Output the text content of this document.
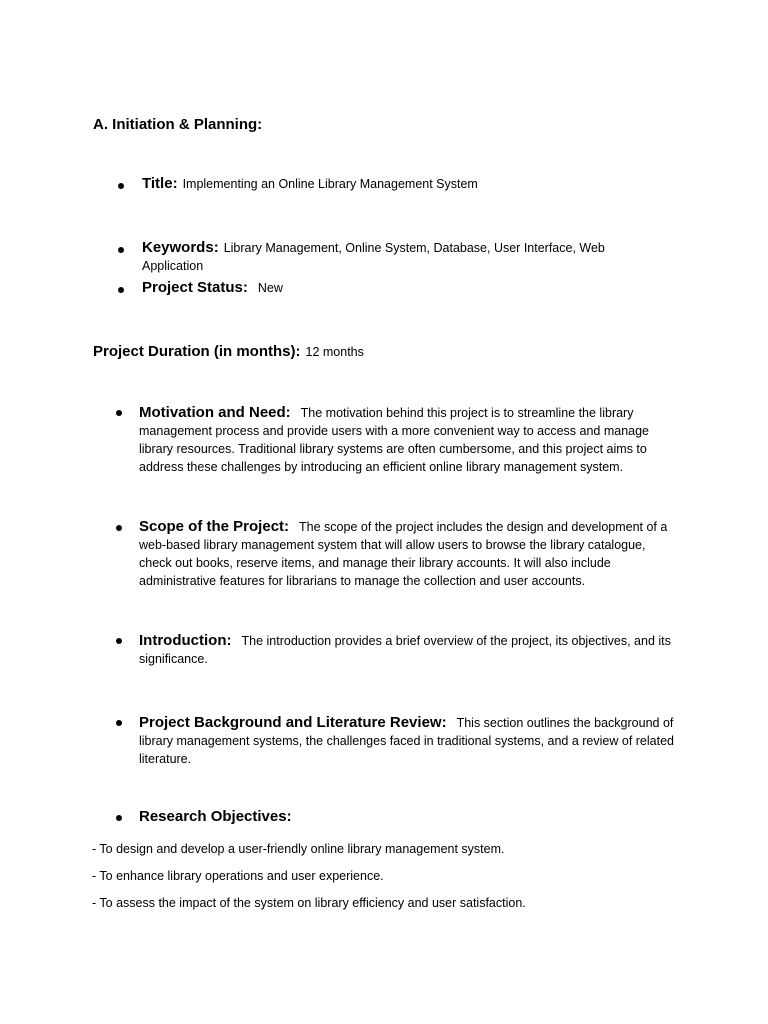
A. Initiation & Planning:
Title: Implementing an Online Library Management System
Keywords: Library Management, Online System, Database, User Interface, Web Application
Project Status: New
Project Duration (in months): 12 months
Motivation and Need: The motivation behind this project is to streamline the library management process and provide users with a more convenient way to access and manage library resources. Traditional library systems are often cumbersome, and this project aims to address these challenges by introducing an efficient online library management system.
Scope of the Project: The scope of the project includes the design and development of a web-based library management system that will allow users to browse the library catalogue, check out books, reserve items, and manage their library accounts. It will also include administrative features for librarians to manage the collection and user accounts.
Introduction: The introduction provides a brief overview of the project, its objectives, and its significance.
Project Background and Literature Review: This section outlines the background of library management systems, the challenges faced in traditional systems, and a review of related literature.
Research Objectives:
- To design and develop a user-friendly online library management system.
- To enhance library operations and user experience.
- To assess the impact of the system on library efficiency and user satisfaction.
